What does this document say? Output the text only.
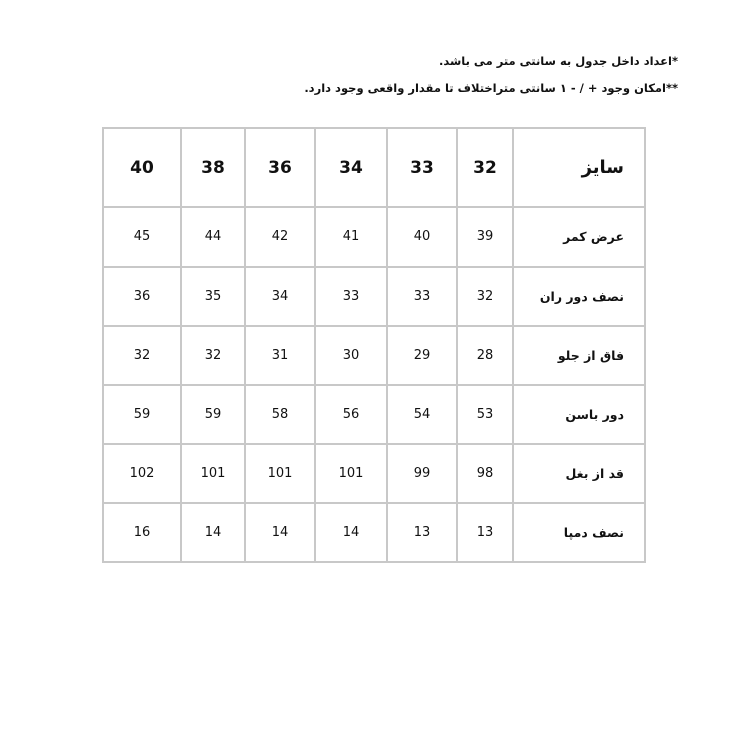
*اعداد داخل جدول به سانتی متر می باشد.
**امکان وجود + / - ۱ سانتی متراختلاف تا مقدار واقعی وجود دارد.
سایز	32	33	34	36	38	40
عرض کمر	39	40	41	42	44	45
نصف دور ران	32	33	33	34	35	36
فاق از جلو	28	29	30	31	32	32
دور باسن	53	54	56	58	59	59
قد از بغل	98	99	101	101	101	102
نصف دمپا	13	13	14	14	14	16
